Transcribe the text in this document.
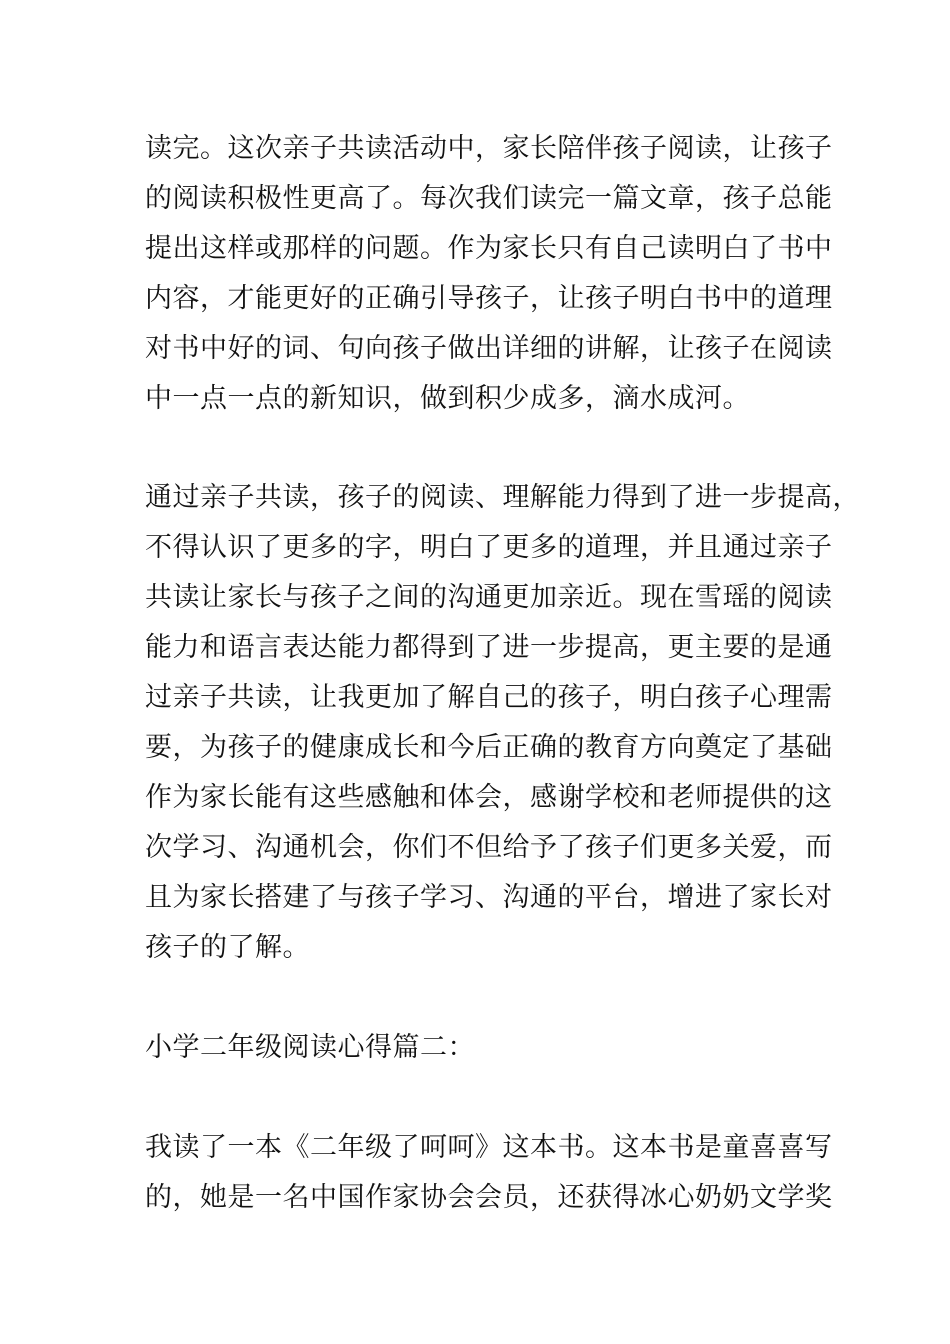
读完。这次亲子共读活动中，家长陪伴孩子阅读，让孩子
的阅读积极性更高了。每次我们读完一篇文章，孩子总能
提出这样或那样的问题。作为家长只有自己读明白了书中
内容，才能更好的正确引导孩子，让孩子明白书中的道理
对书中好的词、句向孩子做出详细的讲解，让孩子在阅读
中一点一点的新知识，做到积少成多，滴水成河。
通过亲子共读，孩子的阅读、理解能力得到了进一步提高，
不得认识了更多的字，明白了更多的道理，并且通过亲子
共读让家长与孩子之间的沟通更加亲近。现在雪瑶的阅读
能力和语言表达能力都得到了进一步提高，更主要的是通
过亲子共读，让我更加了解自己的孩子，明白孩子心理需
要，为孩子的健康成长和今后正确的教育方向奠定了基础
作为家长能有这些感触和体会，感谢学校和老师提供的这
次学习、沟通机会，你们不但给予了孩子们更多关爱，而
且为家长搭建了与孩子学习、沟通的平台，增进了家长对
孩子的了解。
小学二年级阅读心得篇二：
我读了一本《二年级了呵呵》这本书。这本书是童喜喜写
的，她是一名中国作家协会会员，还获得冰心奶奶文学奖
